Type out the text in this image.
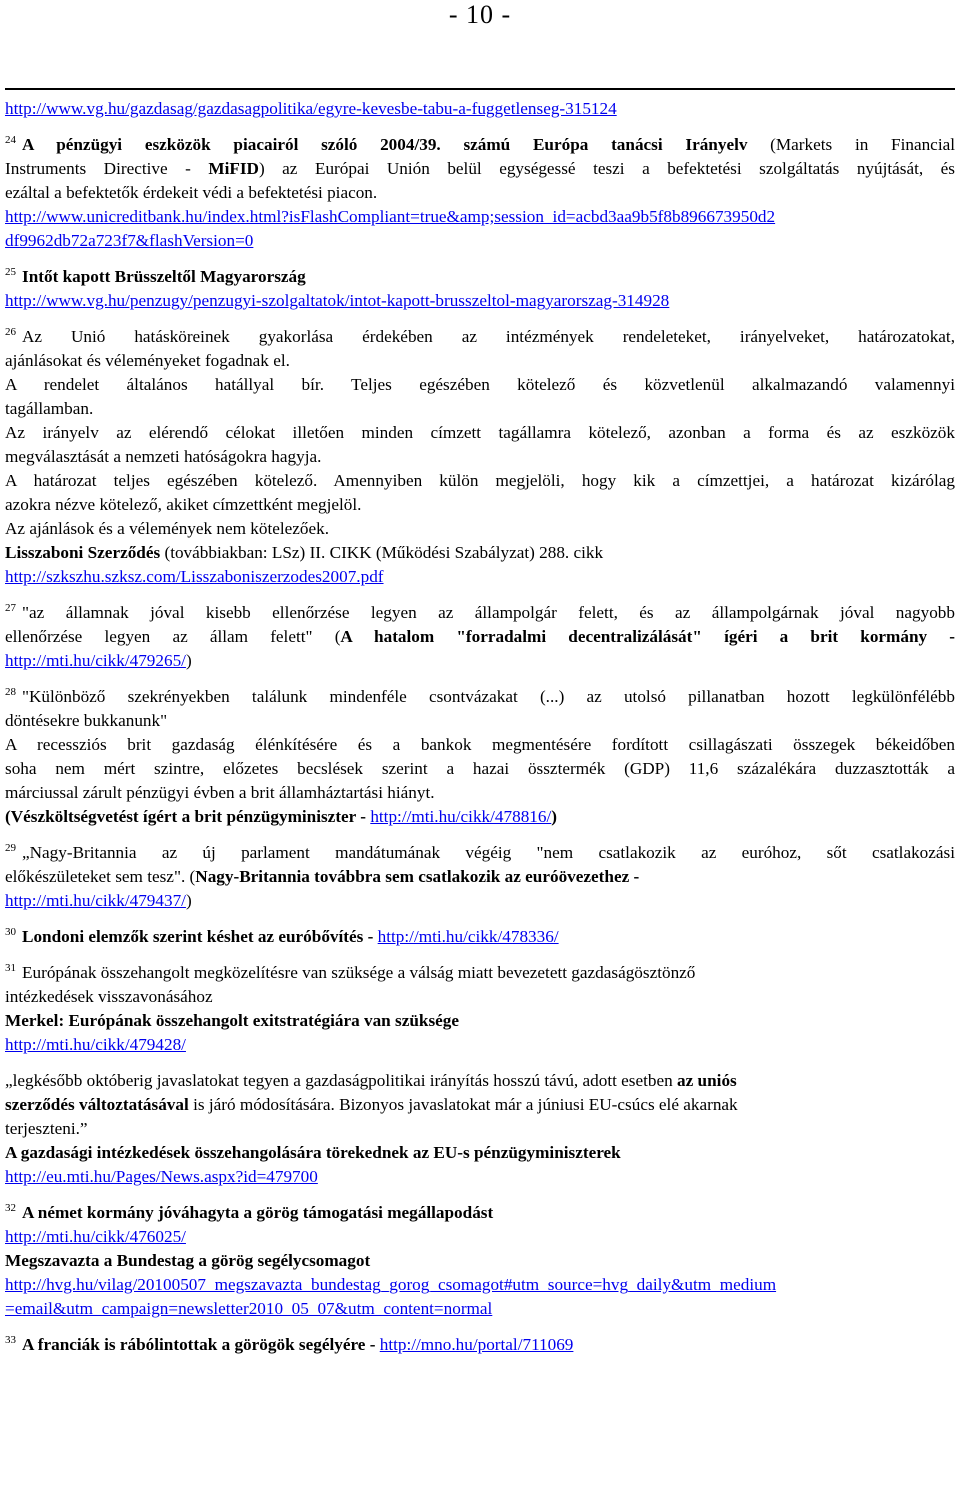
- 10 -
http://www.vg.hu/gazdasag/gazdasagpolitika/egyre-kevesbe-tabu-a-fuggetlenseg-315124
$^{24}$ A pénzügyi eszközök piacairól szóló 2004/39. számú Európa tanácsi Irányelv (Markets in Financial
Instruments Directive - MiFID) az Európai Unión belül egységessé teszi a befektetési szolgáltatás nyújtását, és
ezáltal a befektetők érdekeit védi a befektetési piacon.
http://www.unicreditbank.hu/index.html?isFlashCompliant=true&amp;session_id=acbd3aa9b5f8b896673950d2
df9962db72a723f7&flashVersion=0
$^{25}$ Intőt kapott Brüsszeltől Magyarország
http://www.vg.hu/penzugy/penzugyi-szolgaltatok/intot-kapott-brusszeltol-magyarorszag-314928
$^{26}$ Az Unió hatásköreinek gyakorlása érdekében az intézmények rendeleteket, irányelveket, határozatokat,
ajánlásokat és véleményeket fogadnak el.
A rendelet általános hatállyal bír. Teljes egészében kötelező és közvetlenül alkalmazandó valamennyi
tagállamban.
Az irányelv az elérendő célokat illetően minden címzett tagállamra kötelező, azonban a forma és az eszközök
megválasztását a nemzeti hatóságokra hagyja.
A határozat teljes egészében kötelező. Amennyiben külön megjelöli, hogy kik a címzettjei, a határozat kizárólag
azokra nézve kötelező, akiket címzettként megjelöl.
Az ajánlások és a vélemények nem kötelezőek.
Lisszaboni Szerződés (továbbiakban: LSz) II. CIKK (Működési Szabályzat) 288. cikk
http://szkszhu.szksz.com/Lisszaboniszerzodes2007.pdf
$^{27}$ "az államnak jóval kisebb ellenőrzése legyen az állampolgár felett, és az állampolgárnak jóval nagyobb
ellenőrzése legyen az állam felett" (A hatalom "forradalmi decentralizálását" ígéri a brit kormány -
http://mti.hu/cikk/479265/)
$^{28}$ "Különböző szekrényekben találunk mindenféle csontvázakat (...) az utolsó pillanatban hozott legkülönfélébb
döntésekre bukkanunk"
A recessziós brit gazdaság élénkítésére és a bankok megmentésére fordított csillagászati összegek békeidőben
soha nem mért szintre, előzetes becslések szerint a hazai össztermék (GDP) 11,6 százalékára duzzasztották a
márciussal zárult pénzügyi évben a brit államháztartási hiányt.
(Vészköltségvetést ígért a brit pénzügyminiszter - http://mti.hu/cikk/478816/)
$^{29}$ „Nagy-Britannia az új parlament mandátumának végéig "nem csatlakozik az euróhoz, sőt csatlakozási
előkészületeket sem tesz". (Nagy-Britannia továbbra sem csatlakozik az euróövezethez -
http://mti.hu/cikk/479437/)
$^{30}$ Londoni elemzők szerint késhet az euróbővítés - http://mti.hu/cikk/478336/
$^{31}$ Európának összehangolt megközelítésre van szüksége a válság miatt bevezetett gazdaságösztönző
intézkedések visszavonásához
Merkel: Európának összehangolt exitstratégiára van szüksége
http://mti.hu/cikk/479428/
„legkésőbb októberig javaslatokat tegyen a gazdaságpolitikai irányítás hosszú távú, adott esetben az uniós
szerződés változtatásával is járó módosítására. Bizonyos javaslatokat már a júniusi EU-csúcs elé akarnak
terjeszteni.”
A gazdasági intézkedések összehangolására törekednek az EU-s pénzügyminiszterek
http://eu.mti.hu/Pages/News.aspx?id=479700
$^{32}$ A német kormány jóváhagyta a görög támogatási megállapodást
http://mti.hu/cikk/476025/
Megszavazta a Bundestag a görög segélycsomagot
http://hvg.hu/vilag/20100507_megszavazta_bundestag_gorog_csomagot#utm_source=hvg_daily&utm_medium
=email&utm_campaign=newsletter2010_05_07&utm_content=normal
$^{33}$ A franciák is rábólintottak a görögök segélyére - http://mno.hu/portal/711069
